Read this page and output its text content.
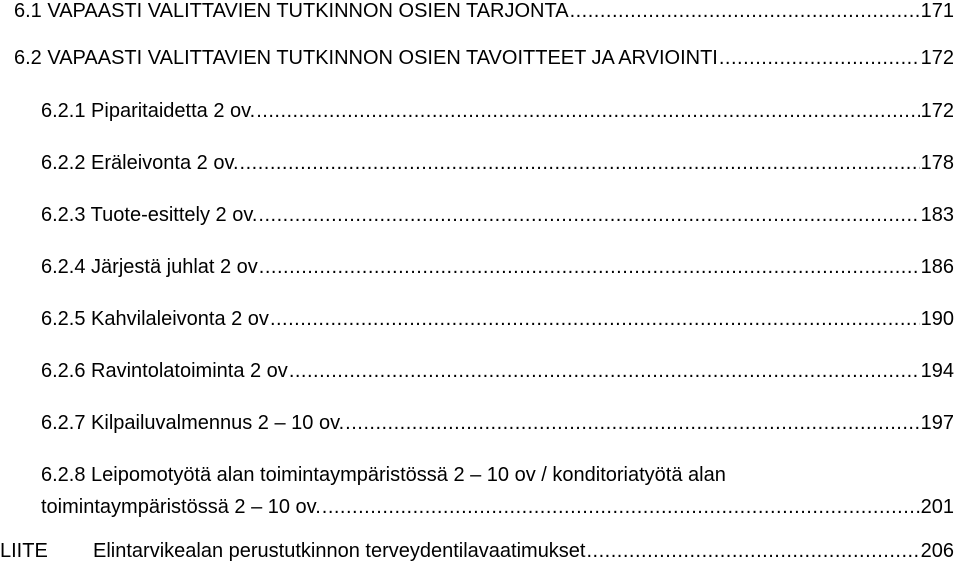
6.1 VAPAASTI VALITTAVIEN TUTKINNON OSIEN TARJONTA .....	171
6.2 VAPAASTI VALITTAVIEN TUTKINNON OSIEN TAVOITTEET JA ARVIOINTI .....	172
6.2.1 Piparitaidetta 2 ov. .....	172
6.2.2 Eräleivonta 2 ov. .....	178
6.2.3 Tuote-esittely 2 ov. .....	183
6.2.4 Järjestä juhlat 2 ov .....	186
6.2.5 Kahvilaleivonta 2 ov .....	190
6.2.6 Ravintolatoiminta 2 ov .....	194
6.2.7 Kilpailuvalmennus 2 – 10 ov. .....	197
6.2.8 Leipomotyötä alan toimintaympäristössä 2 – 10 ov / konditoriatyötä alan
toimintaympäristössä 2 – 10 ov. .....	201
LIITE Elintarvikealan perustutkinnon terveydentilavaatimukset .....	206
